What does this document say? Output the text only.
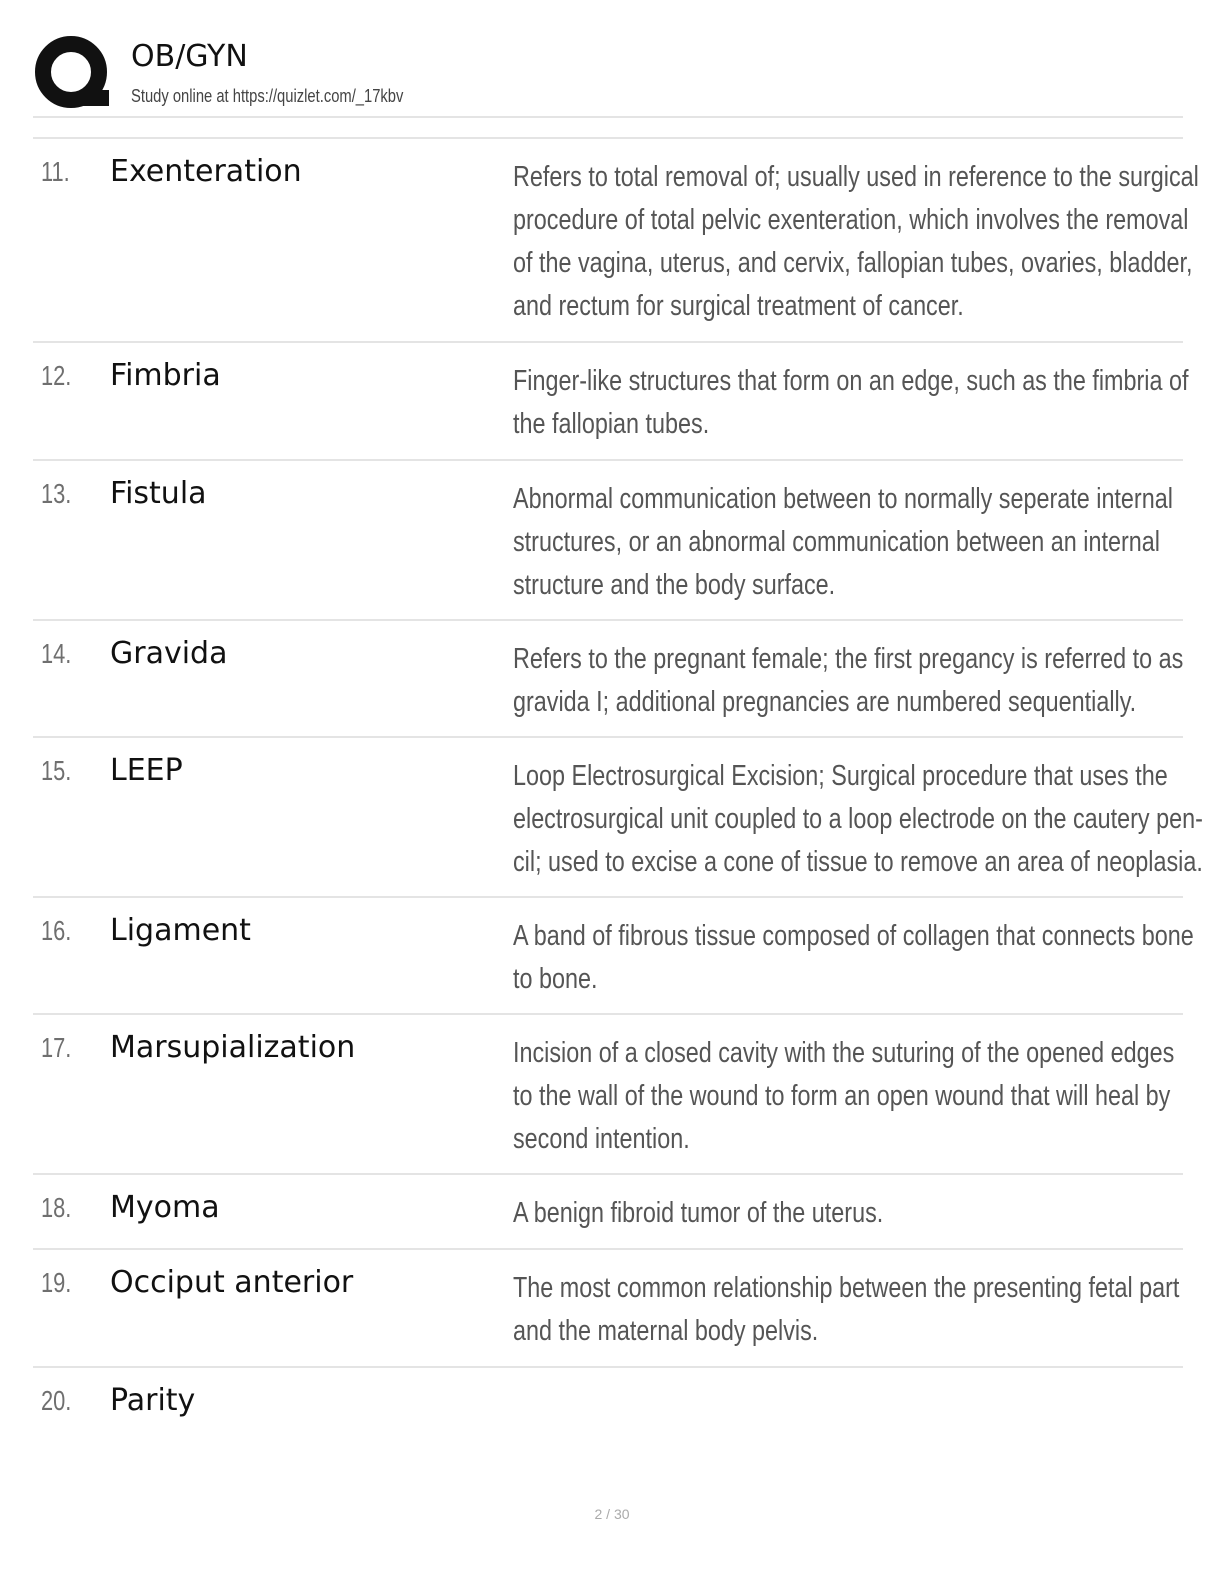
OB/GYN
Study online at https://quizlet.com/_17kbv
11. Exenteration	Refers to total removal of; usually used in reference to the surgical
procedure of total pelvic exenteration, which involves the removal
of the vagina, uterus, and cervix, fallopian tubes, ovaries, bladder,
and rectum for surgical treatment of cancer.
12. Fimbria	Finger-like structures that form on an edge, such as the fimbria of
the fallopian tubes.
13. Fistula	Abnormal communication between to normally seperate internal
structures, or an abnormal communication between an internal
structure and the body surface.
14. Gravida	Refers to the pregnant female; the first pregancy is referred to as
gravida I; additional pregnancies are numbered sequentially.
15. LEEP	Loop Electrosurgical Excision; Surgical procedure that uses the
electrosurgical unit coupled to a loop electrode on the cautery pen-
cil; used to excise a cone of tissue to remove an area of neoplasia.
16. Ligament	A band of fibrous tissue composed of collagen that connects bone
to bone.
17. Marsupialization	Incision of a closed cavity with the suturing of the opened edges
to the wall of the wound to form an open wound that will heal by
second intention.
18. Myoma	A benign fibroid tumor of the uterus.
19. Occiput anterior	The most common relationship between the presenting fetal part
and the maternal body pelvis.
20. Parity
2 / 30
